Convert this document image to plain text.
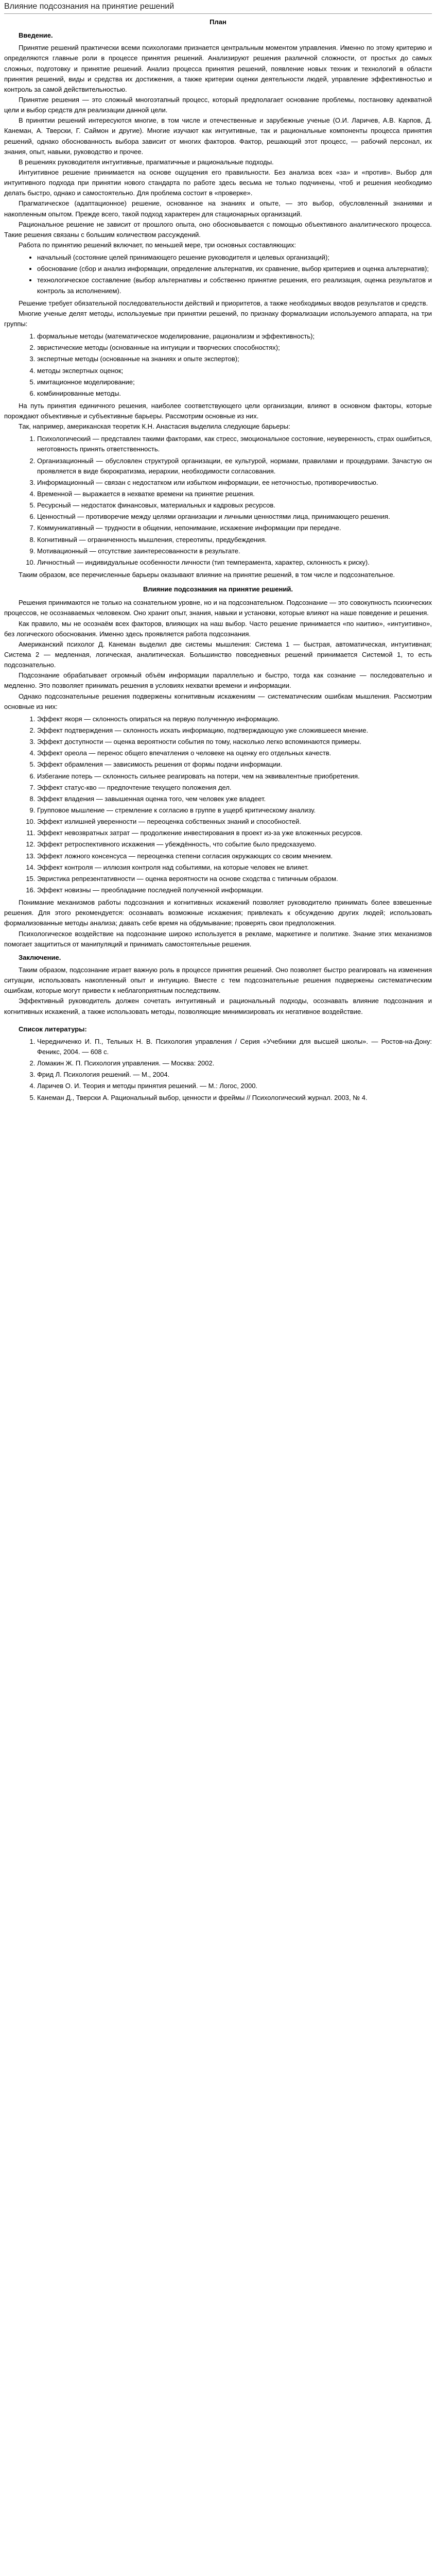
Влияние подсознания на принятие решений
План
Введение.

Принятие решений практически всеми психологами признается центральным моментом управления. Именно по этому критерию и определяются главные роли в процессе принятия решений. Анализируют решения различной сложности, от простых до самых сложных, подготовку и принятие решений. Анализ процесса принятия решений, появление новых техник и технологий в области принятия решений, виды и средства их достижения, а также критерии оценки деятельности людей, управление эффективностью и контроль за самой действительностью.

Принятие решения — это сложный многоэтапный процесс, который предполагает основание проблемы, постановку адекватной цели и выбор средств для реализации данной цели.

В принятии решений интересуются многие, в том числе и отечественные и зарубежные ученые (О.И. Ларичев, А.В. Карпов, Д. Канеман, А. Тверски, Г. Саймон и другие). Многие изучают как интуитивные, так и рациональные компоненты процесса принятия решений, однако обоснованность выбора зависит от многих факторов. Фактор, решающий этот процесс, — рабочий персонал, их знания, опыт, навыки, руководство и прочее.

В решениях руководителя интуитивные, прагматичные и рациональные подходы.

Интуитивное решение принимается на основе ощущения его правильности. Без анализа всех «за» и «против». Выбор для интуитивного подхода при принятии нового стандарта по работе здесь весьма не только подчинены, чтоб и решения необходимо делать быстро, однако и самостоятельно. Для проблема состоит в «проверке».

Прагматическое (адаптационное) решение, основанное на знаниях и опыте, — это выбор, обусловленный знаниями и накопленным опытом. Прежде всего, такой подход характерен для стационарных организаций.

Рациональное решение не зависит от прошлого опыта, оно обосновывается с помощью объективного аналитического процесса. Такие решения связаны с большим количеством рассуждений.

Работа по принятию решений включает, по меньшей мере, три основных составляющих:

• начальный (состояние целей принимающего решение руководителя и целевых организаций);
• обоснование (сбор и анализ информации, определение альтернатив, их сравнение, выбор критериев и оценка альтернатив);
• технологическое составление (выбор альтернативы и собственно принятие решения, его реализация, оценка результатов и контроль за исполнением).

Решение требует обязательной последовательности действий и приоритетов, а также необходимых вводов результатов и средств.

Многие ученые делят методы, используемые при принятии решений, по признаку формализации используемого аппарата, на три группы:

1. формальные методы (математическое моделирование, рационализм и эффективность);
2. эвристические методы (основанные на интуиции и творческих способностях);
3. экспертные методы (основанные на знаниях и опыте экспертов);
4. методы экспертных оценок;
5. имитационное моделирование;
6. комбинированные методы.

На путь принятия единичного решения, наиболее соответствующего цели организации, влияют в основном факторы, которые порождают объективные и субъективные барьеры. Рассмотрим основные из них.

Так, например, американская теоретик К.Н. Анастасия выделила следующие барьеры:

1. Психологический — представлен такими факторами, как стресс, эмоциональное состояние, неуверенность, страх ошибиться, неготовность принять ответственность.
2. Организационный — обусловлен структурой организации, ее культурой, нормами, правилами и процедурами. Зачастую он проявляется в виде бюрократизма, иерархии, необходимости согласования.
3. Информационный — связан с недостатком или избытком информации, ее неточностью, противоречивостью.
4. Временной — выражается в нехватке времени на принятие решения.
5. Ресурсный — недостаток финансовых, материальных и кадровых ресурсов.
6. Ценностный — противоречие между целями организации и личными ценностями лица, принимающего решения.
7. Коммуникативный — трудности в общении, непонимание, искажение информации при передаче.
8. Когнитивный — ограниченность мышления, стереотипы, предубеждения.
9. Мотивационный — отсутствие заинтересованности в результате.
10. Личностный — индивидуальные особенности личности (тип темперамента, характер, склонность к риску).

Таким образом, все перечисленные барьеры оказывают влияние на принятие решений, в том числе и подсознательное.

Влияние подсознания на принятие решений.

Решения принимаются не только на сознательном уровне, но и на подсознательном. Подсознание — это совокупность психических процессов, не осознаваемых человеком. Оно хранит опыт, знания, навыки и установки, которые влияют на наше поведение и решения.

Как правило, мы не осознаём всех факторов, влияющих на наш выбор. Часто решение принимается «по наитию», «интуитивно», без логического обоснования. Именно здесь проявляется работа подсознания.

Американский психолог Д. Канеман выделил две системы мышления: Система 1 — быстрая, автоматическая, интуитивная; Система 2 — медленная, логическая, аналитическая. Большинство повседневных решений принимается Системой 1, то есть подсознательно.

Подсознание обрабатывает огромный объём информации параллельно и быстро, тогда как сознание — последовательно и медленно. Это позволяет принимать решения в условиях нехватки времени и информации.

Однако подсознательные решения подвержены когнитивным искажениям — систематическим ошибкам мышления. Рассмотрим основные из них:

1. Эффект якоря — склонность опираться на первую полученную информацию.
2. Эффект подтверждения — склонность искать информацию, подтверждающую уже сложившееся мнение.
3. Эффект доступности — оценка вероятности события по тому, насколько легко вспоминаются примеры.
4. Эффект ореола — перенос общего впечатления о человеке на оценку его отдельных качеств.
5. Эффект обрамления — зависимость решения от формы подачи информации.
6. Избегание потерь — склонность сильнее реагировать на потери, чем на эквивалентные приобретения.
7. Эффект статус-кво — предпочтение текущего положения дел.
8. Эффект владения — завышенная оценка того, чем человек уже владеет.
9. Групповое мышление — стремление к согласию в группе в ущерб критическому анализу.
10. Эффект излишней уверенности — переоценка собственных знаний и способностей.
11. Эффект невозвратных затрат — продолжение инвестирования в проект из-за уже вложенных ресурсов.
12. Эффект ретроспективного искажения — убеждённость, что событие было предсказуемо.
13. Эффект ложного консенсуса — переоценка степени согласия окружающих со своим мнением.
14. Эффект контроля — иллюзия контроля над событиями, на которые человек не влияет.
15. Эвристика репрезентативности — оценка вероятности на основе сходства с типичным образом.
16. Эффект новизны — преобладание последней полученной информации.

Понимание механизмов работы подсознания и когнитивных искажений позволяет руководителю принимать более взвешенные решения. Для этого рекомендуется: осознавать возможные искажения; привлекать к обсуждению других людей; использовать формализованные методы анализа; давать себе время на обдумывание; проверять свои предположения.

Психологическое воздействие на подсознание широко используется в рекламе, маркетинге и политике. Знание этих механизмов помогает защититься от манипуляций и принимать самостоятельные решения.

Заключение.

Таким образом, подсознание играет важную роль в процессе принятия решений. Оно позволяет быстро реагировать на изменения ситуации, использовать накопленный опыт и интуицию. Вместе с тем подсознательные решения подвержены систематическим ошибкам, которые могут привести к неблагоприятным последствиям.

Эффективный руководитель должен сочетать интуитивный и рациональный подходы, осознавать влияние подсознания и когнитивных искажений, а также использовать методы, позволяющие минимизировать их негативное воздействие.

Список литературы:
1. Чередниченко И. П., Тельных Н. В. Психология управления / Серия «Учебники для высшей школы». — Ростов-на-Дону: Феникс, 2004. — 608 с.
2. Ломакин Ж. П. Психология управления. — Москва: 2002.
3. Фрид Л. Психология решений. — М., 2004.
4. Ларичев О. И. Теория и методы принятия решений. — М.: Логос, 2000.
5. Канеман Д., Тверски А. Рациональный выбор, ценности и фреймы // Психологический журнал. 2003, № 4.
